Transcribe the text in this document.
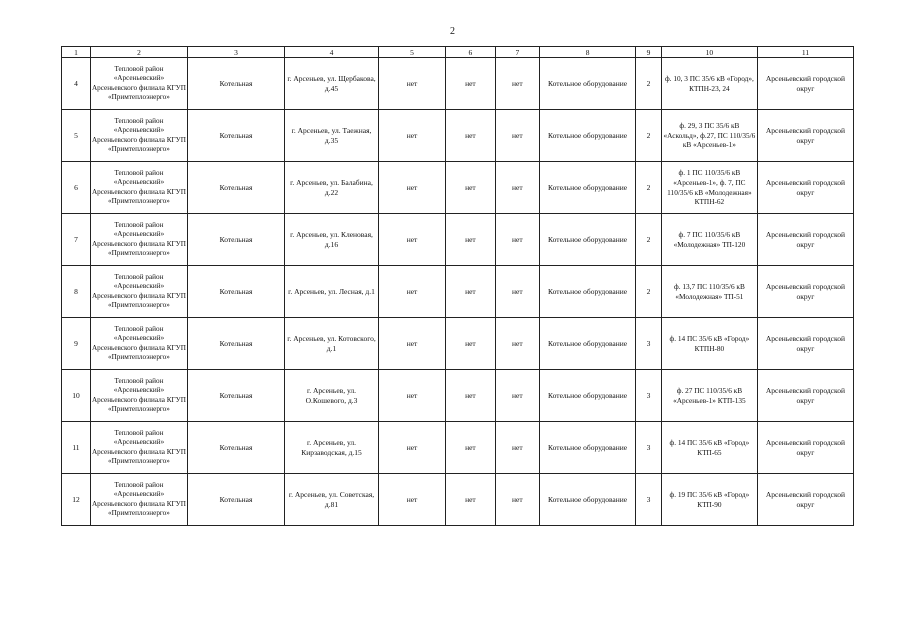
2
1	2	3	4	5	6	7	8	9	10	11
4	Тепловой район «Арсеньевский» Арсеньевского филиала КГУП «Примтеплоэнерго»	Котельная	г. Арсеньев, ул. Щербакова, д.45	нет	нет	нет	Котельное оборудование	2	ф. 10, 3 ПС 35/6 кВ «Город», КТПН-23, 24	Арсеньевский городской округ
5	Тепловой район «Арсеньевский» Арсеньевского филиала КГУП «Примтеплоэнерго»	Котельная	г. Арсеньев, ул. Таежная, д.35	нет	нет	нет	Котельное оборудование	2	ф. 29, 3 ПС 35/6 кВ «Аскольд», ф.27, ПС 110/35/6 кВ «Арсеньев-1»	Арсеньевский городской округ
6	Тепловой район «Арсеньевский» Арсеньевского филиала КГУП «Примтеплоэнерго»	Котельная	г. Арсеньев, ул. Балабина, д.22	нет	нет	нет	Котельное оборудование	2	ф. 1 ПС 110/35/6 кВ «Арсеньев-1», ф. 7, ПС 110/35/6 кВ «Молодежная» КТПН-62	Арсеньевский городской округ
7	Тепловой район «Арсеньевский» Арсеньевского филиала КГУП «Примтеплоэнерго»	Котельная	г. Арсеньев, ул. Кленовая, д.16	нет	нет	нет	Котельное оборудование	2	ф. 7 ПС 110/35/6 кВ «Молодежная» ТП-120	Арсеньевский городской округ
8	Тепловой район «Арсеньевский» Арсеньевского филиала КГУП «Примтеплоэнерго»	Котельная	г. Арсеньев, ул. Лесная, д.1	нет	нет	нет	Котельное оборудование	2	ф. 13,7 ПС 110/35/6 кВ «Молодежная» ТП-51	Арсеньевский городской округ
9	Тепловой район «Арсеньевский» Арсеньевского филиала КГУП «Примтеплоэнерго»	Котельная	г. Арсеньев, ул. Котовского, д.1	нет	нет	нет	Котельное оборудование	3	ф. 14 ПС 35/6 кВ «Город» КТПН-80	Арсеньевский городской округ
10	Тепловой район «Арсеньевский» Арсеньевского филиала КГУП «Примтеплоэнерго»	Котельная	г. Арсеньев, ул. О.Кошевого, д.3	нет	нет	нет	Котельное оборудование	3	ф. 27 ПС 110/35/6 кВ «Арсеньев-1» КТП-135	Арсеньевский городской округ
11	Тепловой район «Арсеньевский» Арсеньевского филиала КГУП «Примтеплоэнерго»	Котельная	г. Арсеньев, ул. Кирзаводская, д.15	нет	нет	нет	Котельное оборудование	3	ф. 14 ПС 35/6 кВ «Город» КТП-65	Арсеньевский городской округ
12	Тепловой район «Арсеньевский» Арсеньевского филиала КГУП «Примтеплоэнерго»	Котельная	г. Арсеньев, ул. Советская, д.81	нет	нет	нет	Котельное оборудование	3	ф. 19 ПС 35/6 кВ «Город» КТП-90	Арсеньевский городской округ
